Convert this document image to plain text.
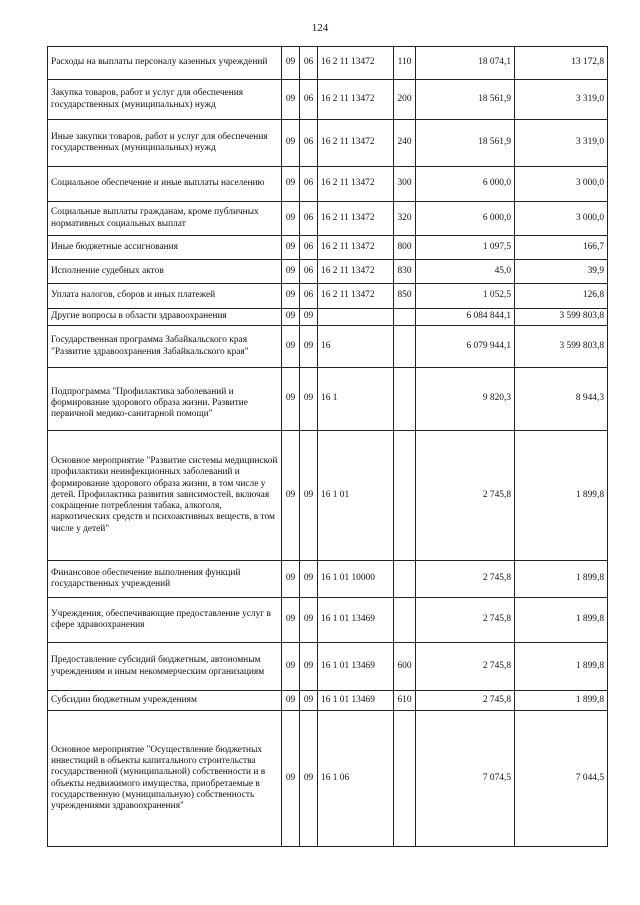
124
Расходы на выплаты персоналу казенных учреждений	09	06	16 2 11 13472	110	18 074,1	13 172,8
Закупка товаров, работ и услуг для обеспечения государственных (муниципальных) нужд	09	06	16 2 11 13472	200	18 561,9	3 319,0
Иные закупки товаров, работ и услуг для обеспечения государственных (муниципальных) нужд	09	06	16 2 11 13472	240	18 561,9	3 319,0
Социальное обеспечение и иные выплаты населению	09	06	16 2 11 13472	300	6 000,0	3 000,0
Социальные выплаты гражданам, кроме публичных нормативных социальных выплат	09	06	16 2 11 13472	320	6 000,0	3 000,0
Иные бюджетные ассигнования	09	06	16 2 11 13472	800	1 097,5	166,7
Исполнение судебных актов	09	06	16 2 11 13472	830	45,0	39,9
Уплата налогов, сборов и иных платежей	09	06	16 2 11 13472	850	1 052,5	126,8
Другие вопросы в области здравоохранения	09	09			6 084 844,1	3 599 803,8
Государственная программа Забайкальского края "Развитие здравоохранения Забайкальского края"	09	09	16		6 079 944,1	3 599 803,8
Подпрограмма "Профилактика заболеваний и формирование здорового образа жизни. Развитие первичной медико-санитарной помощи"	09	09	16 1		9 820,3	8 944,3
Основное мероприятие "Развитие системы медицинской профилактики неинфекционных заболеваний и формирование здорового образа жизни, в том числе у детей. Профилактика развития зависимостей, включая сокращение потребления табака, алкоголя, наркотических средств и психоактивных веществ, в том числе у детей"	09	09	16 1 01		2 745,8	1 899,8
Финансовое обеспечение выполнения функций государственных учреждений	09	09	16 1 01 10000		2 745,8	1 899,8
Учреждения, обеспечивающие предоставление услуг в сфере здравоохранения	09	09	16 1 01 13469		2 745,8	1 899,8
Предоставление субсидий бюджетным, автономным учреждениям и иным некоммерческим организациям	09	09	16 1 01 13469	600	2 745,8	1 899,8
Субсидии бюджетным учреждениям	09	09	16 1 01 13469	610	2 745,8	1 899,8
Основное мероприятие "Осуществление бюджетных инвестиций в объекты капитального строительства государственной (муниципальной) собственности и в объекты недвижимого имущества, приобретаемые в государственную (муниципальную) собственность учреждениями здравоохранения"	09	09	16 1 06		7 074,5	7 044,5
